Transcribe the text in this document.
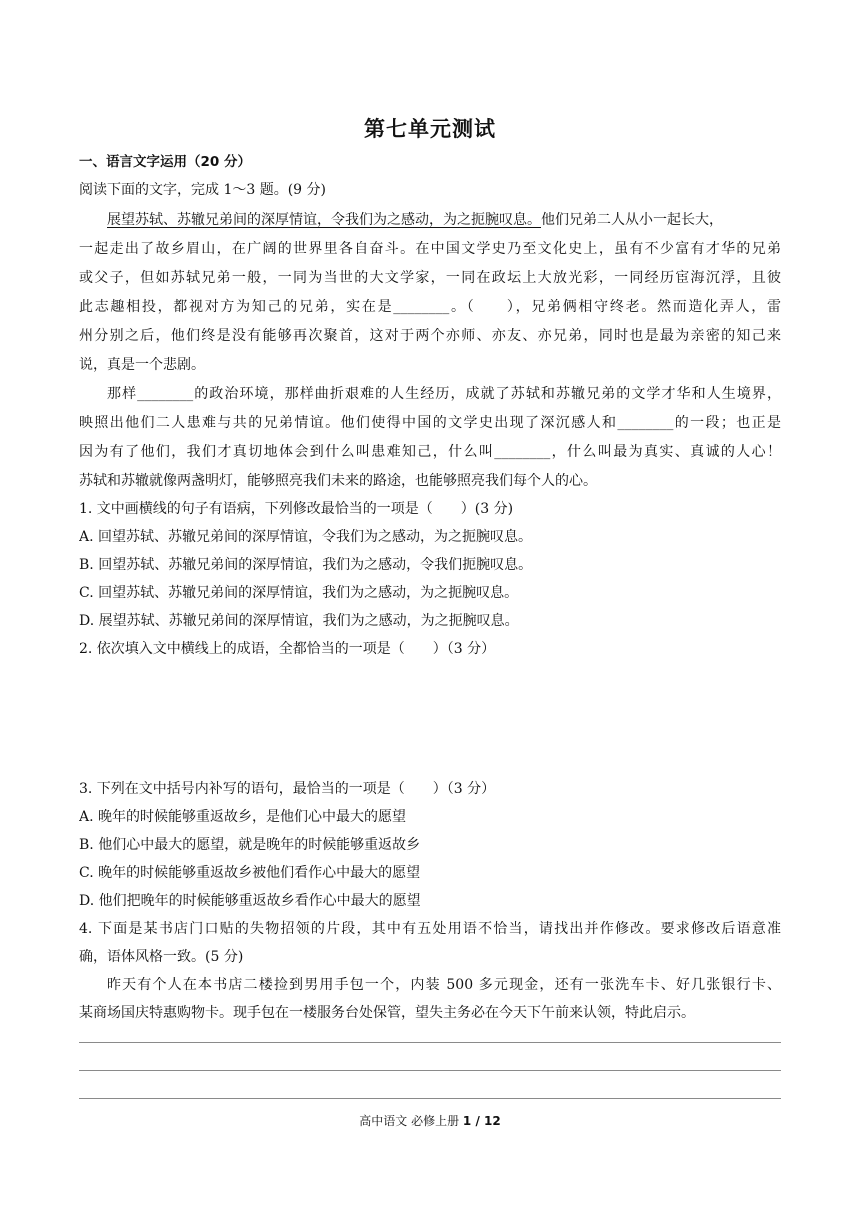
第七单元测试
一、语言文字运用（20 分）
阅读下面的文字，完成 1～3 题。(9 分)
展望苏轼、苏辙兄弟间的深厚情谊，令我们为之感动，为之扼腕叹息。他们兄弟二人从小一起长大，
一起走出了故乡眉山，在广阔的世界里各自奋斗。在中国文学史乃至文化史上，虽有不少富有才华的兄弟
或父子，但如苏轼兄弟一般，一同为当世的大文学家，一同在政坛上大放光彩，一同经历宦海沉浮，且彼
此志趣相投，都视对方为知己的兄弟，实在是________。（　　），兄弟俩相守终老。然而造化弄人，雷
州分别之后，他们终是没有能够再次聚首，这对于两个亦师、亦友、亦兄弟，同时也是最为亲密的知己来
说，真是一个悲剧。
那样________的政治环境，那样曲折艰难的人生经历，成就了苏轼和苏辙兄弟的文学才华和人生境界，
映照出他们二人患难与共的兄弟情谊。他们使得中国的文学史出现了深沉感人和________的一段；也正是
因为有了他们，我们才真切地体会到什么叫患难知己，什么叫________，什么叫最为真实、真诚的人心！
苏轼和苏辙就像两盏明灯，能够照亮我们未来的路途，也能够照亮我们每个人的心。
1. 文中画横线的句子有语病，下列修改最恰当的一项是（　　）(3 分)
A. 回望苏轼、苏辙兄弟间的深厚情谊，令我们为之感动，为之扼腕叹息。
B. 回望苏轼、苏辙兄弟间的深厚情谊，我们为之感动，令我们扼腕叹息。
C. 回望苏轼、苏辙兄弟间的深厚情谊，我们为之感动，为之扼腕叹息。
D. 展望苏轼、苏辙兄弟间的深厚情谊，我们为之感动，为之扼腕叹息。
2. 依次填入文中横线上的成语，全都恰当的一项是（　　）（3 分）
3. 下列在文中括号内补写的语句，最恰当的一项是（　　）（3 分）
A. 晚年的时候能够重返故乡，是他们心中最大的愿望
B. 他们心中最大的愿望，就是晚年的时候能够重返故乡
C. 晚年的时候能够重返故乡被他们看作心中最大的愿望
D. 他们把晚年的时候能够重返故乡看作心中最大的愿望
4. 下面是某书店门口贴的失物招领的片段，其中有五处用语不恰当，请找出并作修改。要求修改后语意准
确，语体风格一致。(5 分)
昨天有个人在本书店二楼捡到男用手包一个，内装 500 多元现金，还有一张洗车卡、好几张银行卡、
某商场国庆特惠购物卡。现手包在一楼服务台处保管，望失主务必在今天下午前来认领，特此启示。
高中语文 必修上册 1 / 12
